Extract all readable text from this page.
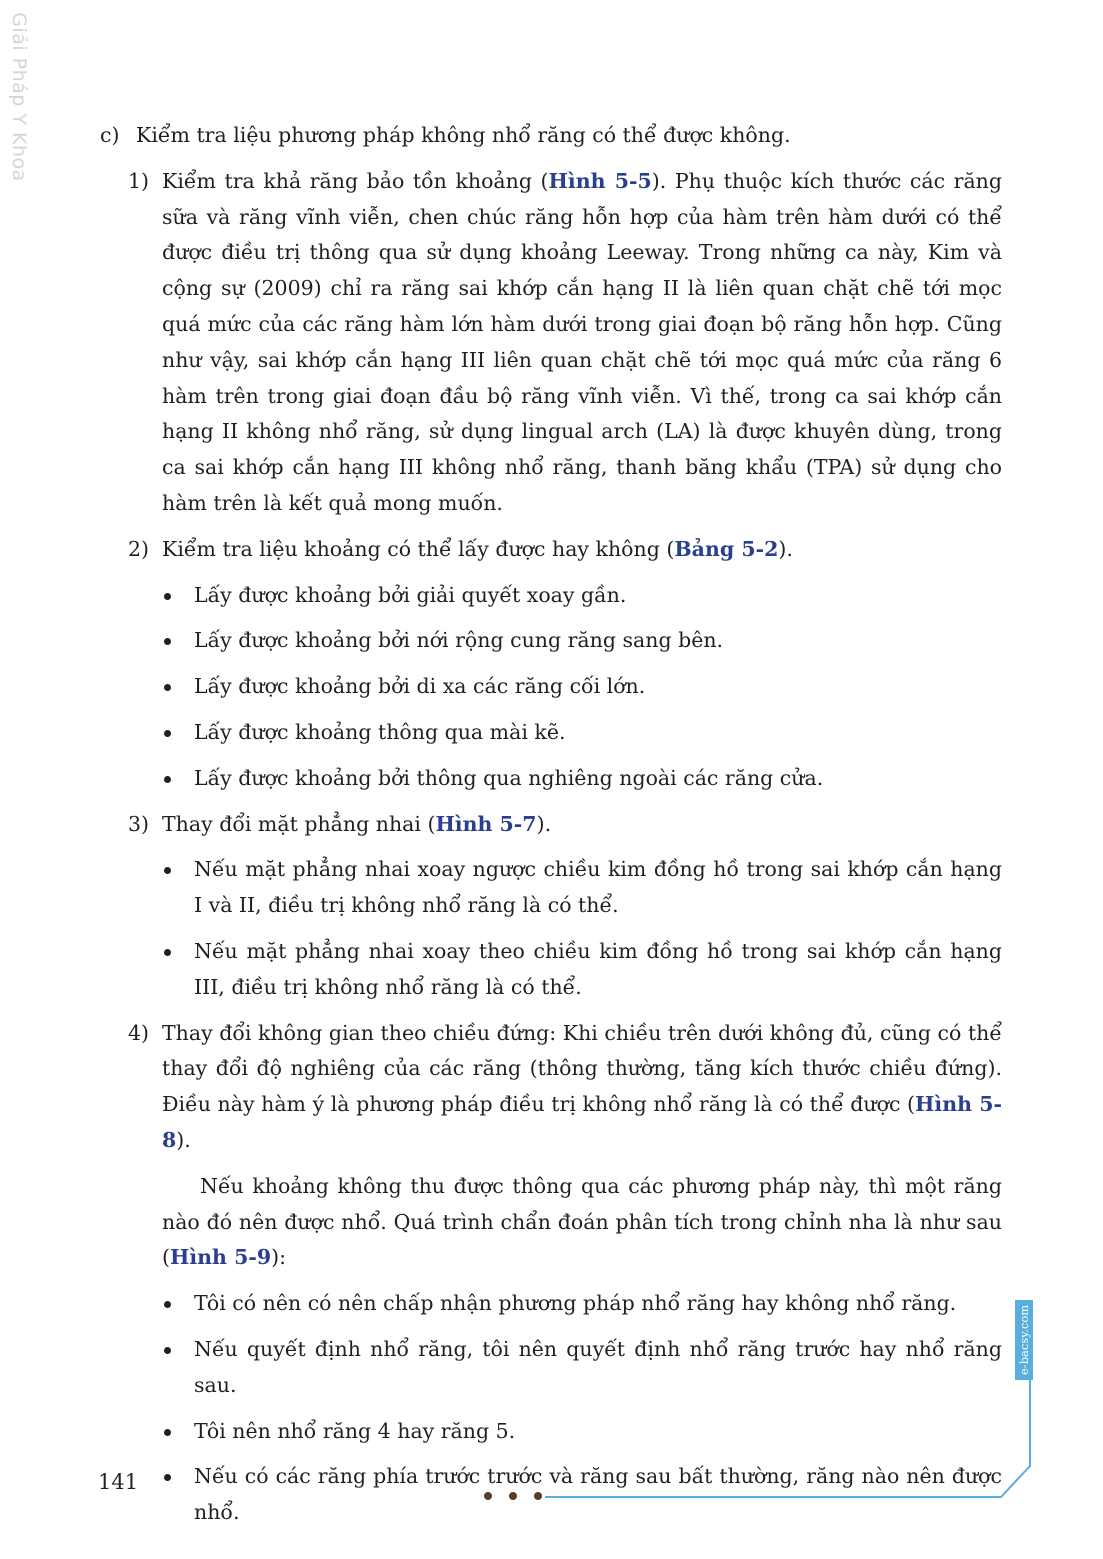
Giải Pháp Y Khoa	c) Kiểm tra liệu phương pháp không nhổ răng có thể được không.
1) Kiểm tra khả răng bảo tồn khoảng (Hình 5-5). Phụ thuộc kích thước các răng sữa và răng vĩnh viễn, chen chúc răng hỗn hợp của hàm trên hàm dưới có thể được điều trị thông qua sử dụng khoảng Leeway. Trong những ca này, Kim và cộng sự (2009) chỉ ra răng sai khớp cắn hạng II là liên quan chặt chẽ tới mọc quá mức của các răng hàm lớn hàm dưới trong giai đoạn bộ răng hỗn hợp. Cũng như vậy, sai khớp cắn hạng III liên quan chặt chẽ tới mọc quá mức của răng 6 hàm trên trong giai đoạn đầu bộ răng vĩnh viễn. Vì thế, trong ca sai khớp cắn hạng II không nhổ răng, sử dụng lingual arch (LA) là được khuyên dùng, trong ca sai khớp cắn hạng III không nhổ răng, thanh băng khẩu (TPA) sử dụng cho hàm trên là kết quả mong muốn.
2) Kiểm tra liệu khoảng có thể lấy được hay không (Bảng 5-2).
Lấy được khoảng bởi giải quyết xoay gần.
Lấy được khoảng bởi nới rộng cung răng sang bên.
Lấy được khoảng bởi di xa các răng cối lớn.
Lấy được khoảng thông qua mài kẽ.
Lấy được khoảng bởi thông qua nghiêng ngoài các răng cửa.
3) Thay đổi mặt phẳng nhai (Hình 5-7).
Nếu mặt phẳng nhai xoay ngược chiều kim đồng hồ trong sai khớp cắn hạng I và II, điều trị không nhổ răng là có thể.
Nếu mặt phẳng nhai xoay theo chiều kim đồng hồ trong sai khớp cắn hạng III, điều trị không nhổ răng là có thể.
4) Thay đổi không gian theo chiều đứng: Khi chiều trên dưới không đủ, cũng có thể thay đổi độ nghiêng của các răng (thông thường, tăng kích thước chiều đứng). Điều này hàm ý là phương pháp điều trị không nhổ răng là có thể được (Hình 5-8).
Nếu khoảng không thu được thông qua các phương pháp này, thì một răng nào đó nên được nhổ. Quá trình chẩn đoán phân tích trong chỉnh nha là như sau (Hình 5-9):
Tôi có nên có nên chấp nhận phương pháp nhổ răng hay không nhổ răng.
Nếu quyết định nhổ răng, tôi nên quyết định nhổ răng trước hay nhổ răng sau.
Tôi nên nhổ răng 4 hay răng 5.
Nếu có các răng phía trước trước và răng sau bất thường, răng nào nên được nhổ.
141
e-bacsy.com
